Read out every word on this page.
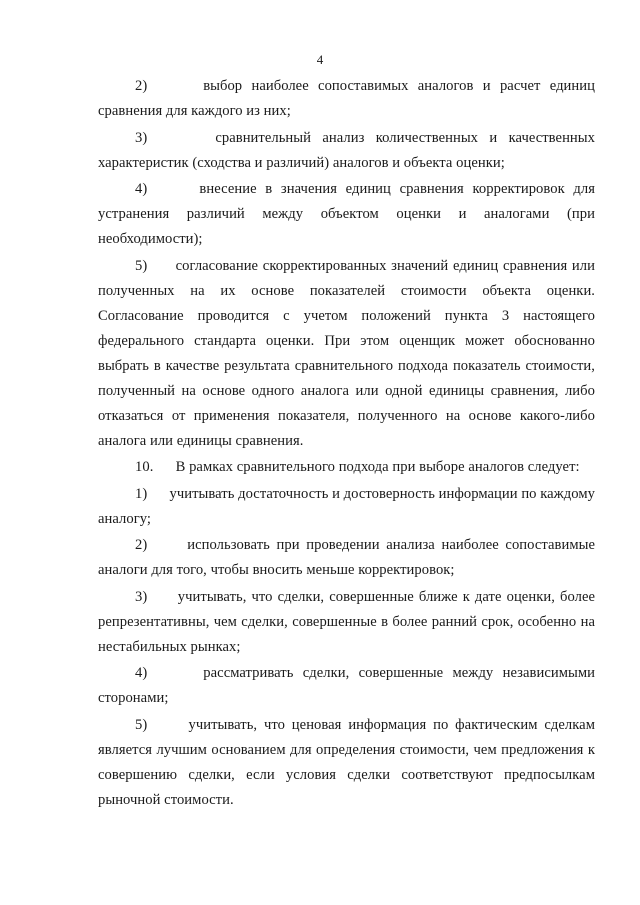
4

2)      выбор наиболее сопоставимых аналогов и расчет единиц сравнения для каждого из них;

3)      сравнительный анализ количественных и качественных характеристик (сходства и различий) аналогов и объекта оценки;

4)      внесение в значения единиц сравнения корректировок для устранения различий между объектом оценки и аналогами (при необходимости);

5)      согласование скорректированных значений единиц сравнения или полученных на их основе показателей стоимости объекта оценки. Согласование проводится с учетом положений пункта 3 настоящего федерального стандарта оценки. При этом оценщик может обоснованно выбрать в качестве результата сравнительного подхода показатель стоимости, полученный на основе одного аналога или одной единицы сравнения, либо отказаться от применения показателя, полученного на основе какого-либо аналога или единицы сравнения.

10.      В рамках сравнительного подхода при выборе аналогов следует:

1)      учитывать достаточность и достоверность информации по каждому аналогу;

2)      использовать при проведении анализа наиболее сопоставимые аналоги для того, чтобы вносить меньше корректировок;

3)      учитывать, что сделки, совершенные ближе к дате оценки, более репрезентативны, чем сделки, совершенные в более ранний срок, особенно на нестабильных рынках;

4)      рассматривать сделки, совершенные между независимыми сторонами;

5)      учитывать, что ценовая информация по фактическим сделкам является лучшим основанием для определения стоимости, чем предложения к совершению сделки, если условия сделки соответствуют предпосылкам рыночной стоимости.
